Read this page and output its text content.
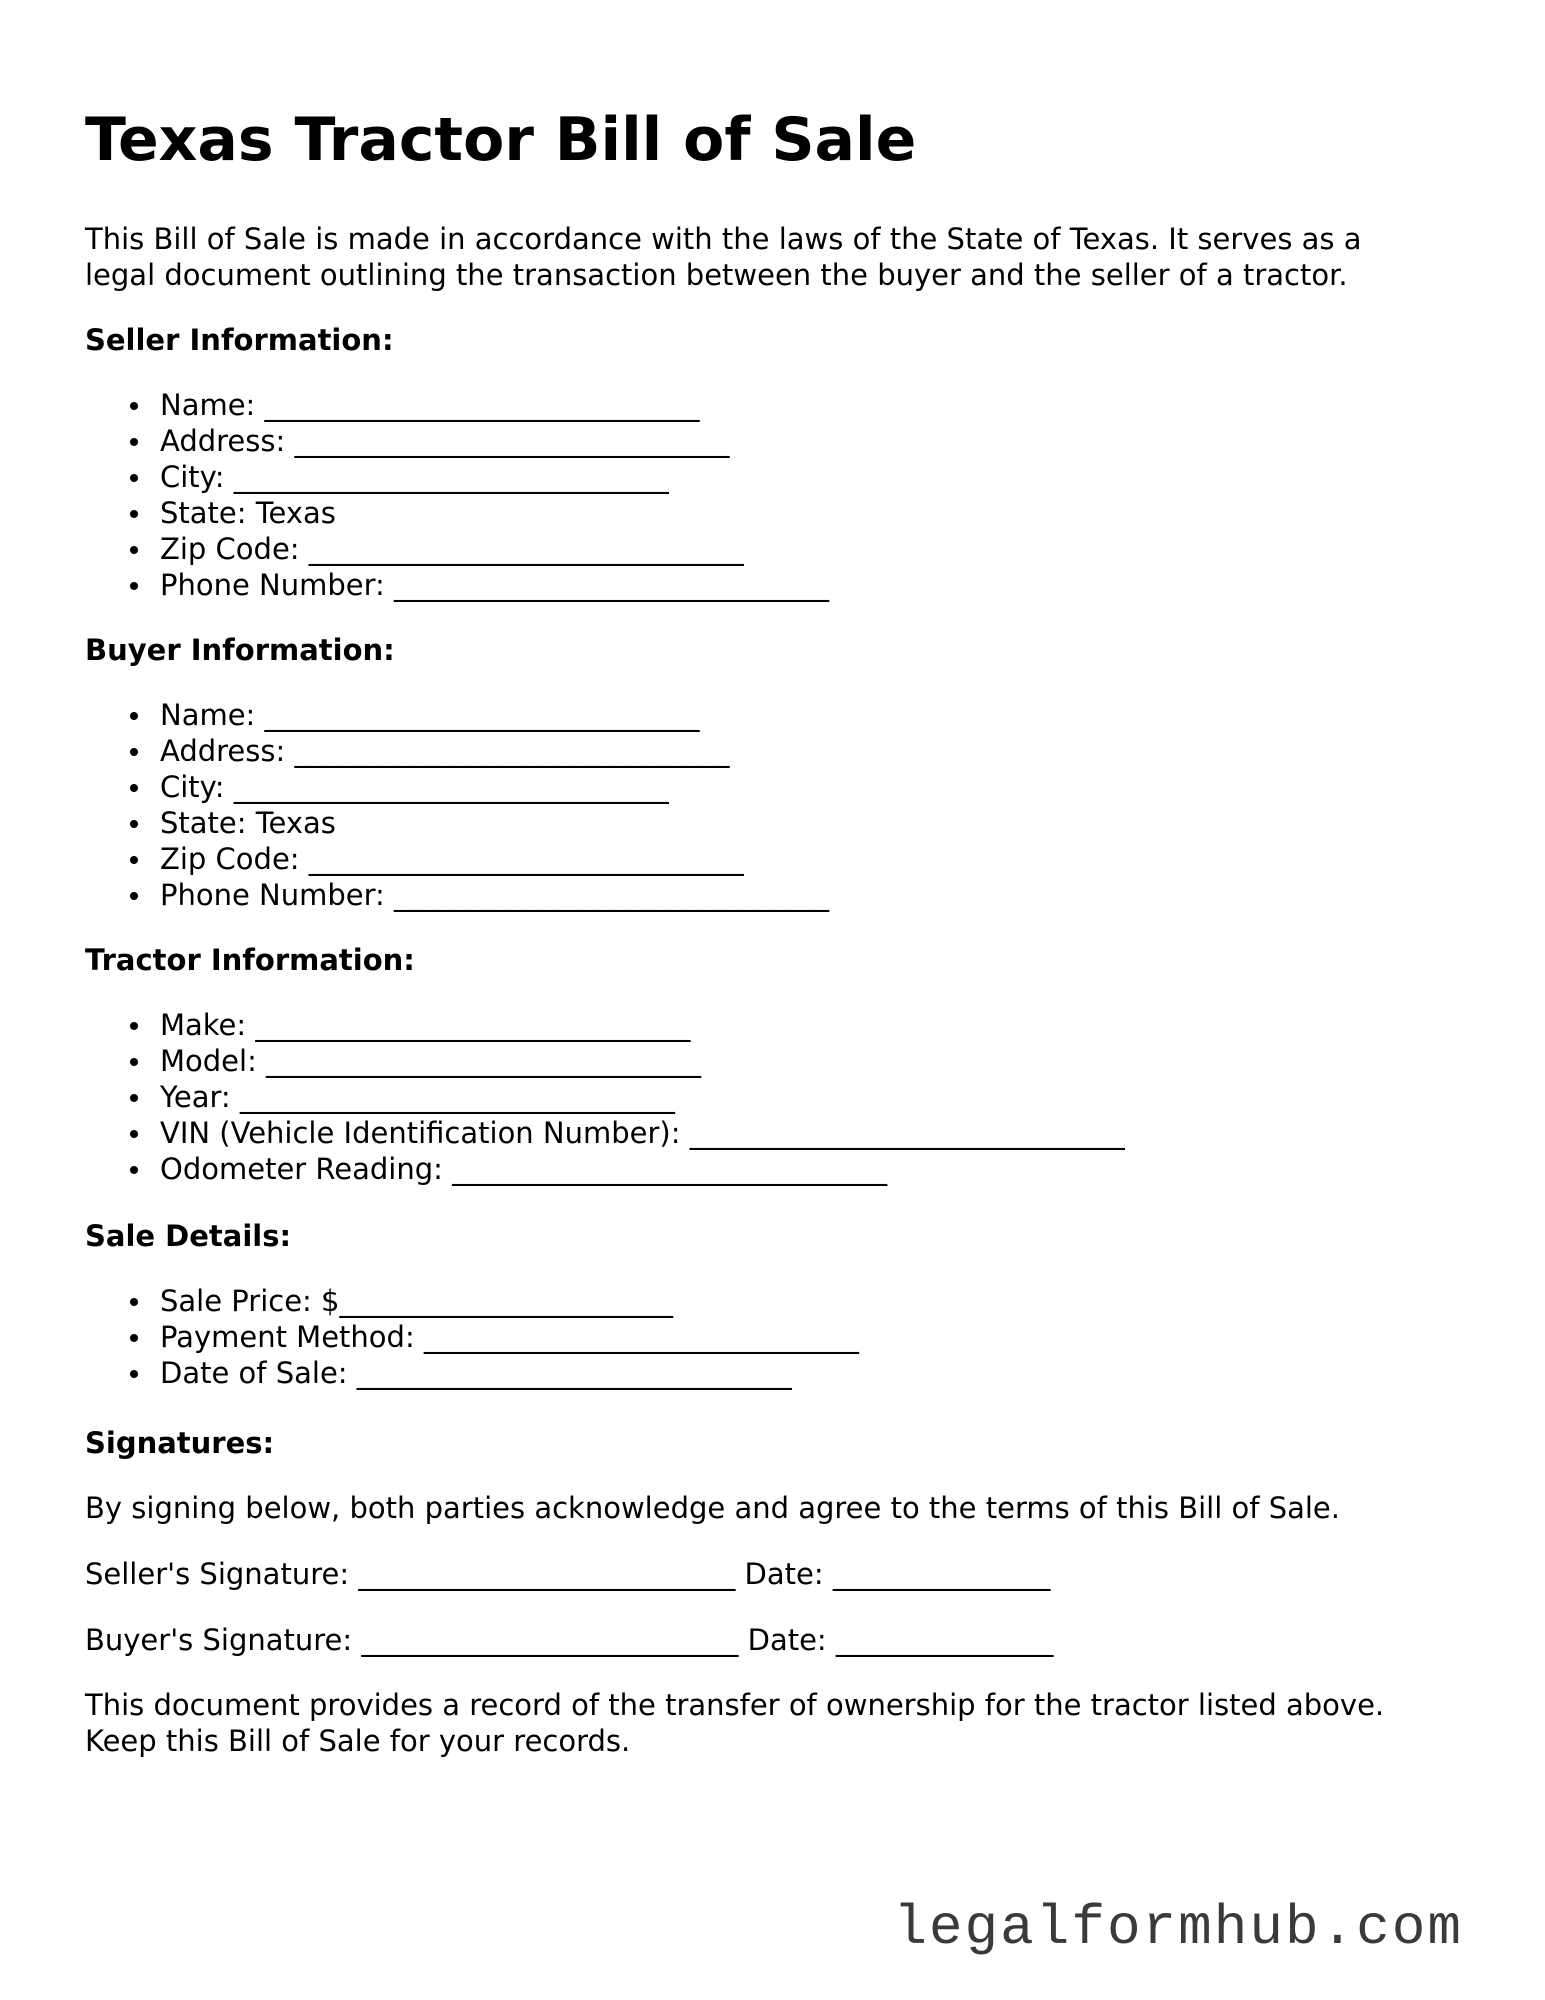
Texas Tractor Bill of Sale

This Bill of Sale is made in accordance with the laws of the State of Texas. It serves as a

legal document outlining the transaction between the buyer and the seller of a tractor.

Seller Information:

Name: ______________________________
Address: ______________________________
City: ______________________________
State: Texas
Zip Code: ______________________________
Phone Number: ______________________________

Buyer Information:

Name: ______________________________
Address: ______________________________
City: ______________________________
State: Texas
Zip Code: ______________________________
Phone Number: ______________________________

Tractor Information:

Make: ______________________________
Model: ______________________________
Year: ______________________________
VIN (Vehicle Identification Number): ______________________________
Odometer Reading: ______________________________

Sale Details:

Sale Price: $_______________________
Payment Method: ______________________________
Date of Sale: ______________________________

Signatures:

By signing below, both parties acknowledge and agree to the terms of this Bill of Sale.
Seller's Signature: __________________________ Date: _______________
Buyer's Signature: __________________________ Date: _______________

This document provides a record of the transfer of ownership for the tractor listed above.

Keep this Bill of Sale for your records.

legalformhub.com
